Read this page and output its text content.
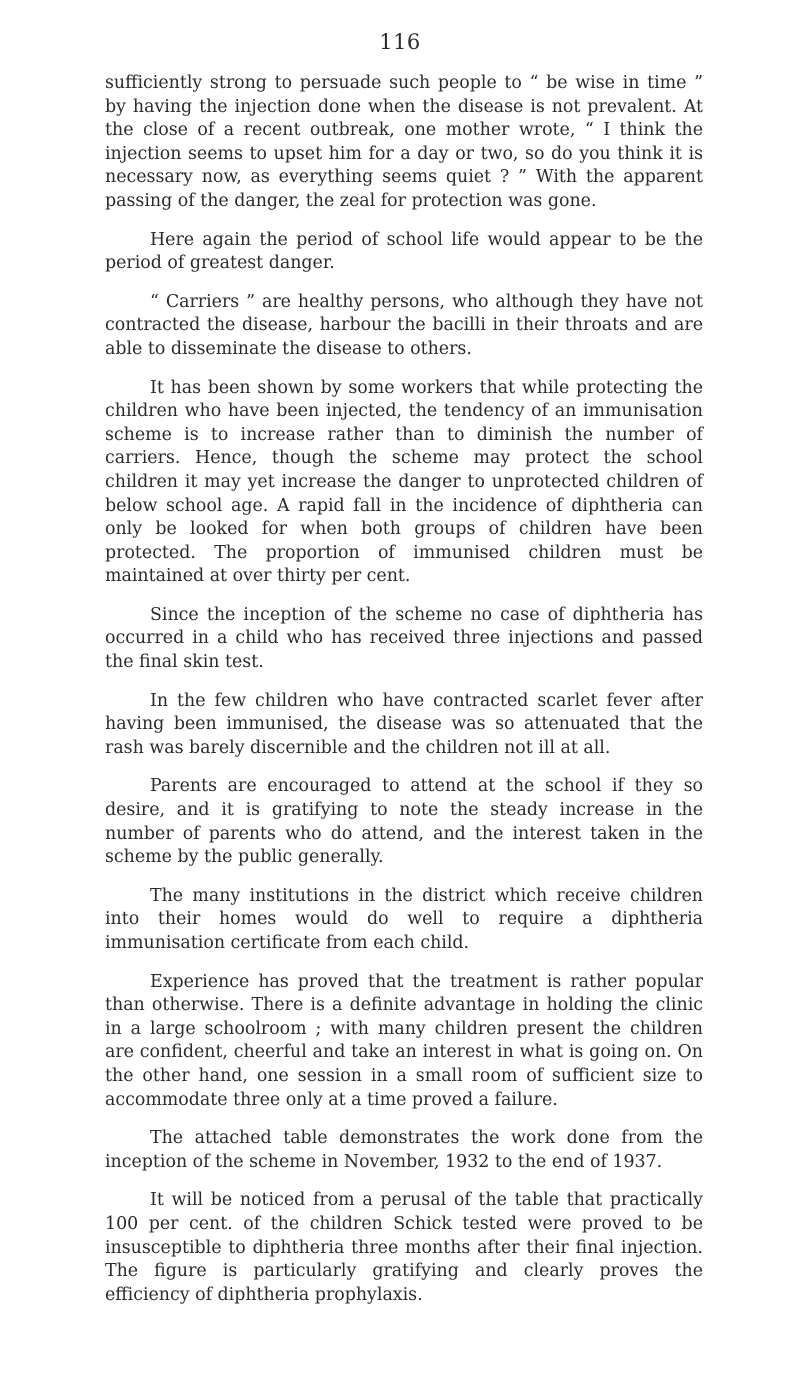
116

sufficiently strong to persuade such people to “ be wise in time ” by having the injection done when the disease is not prevalent. At the close of a recent outbreak, one mother wrote, “ I think the injection seems to upset him for a day or two, so do you think it is necessary now, as everything seems quiet ? ” With the apparent passing of the danger, the zeal for protection was gone.

Here again the period of school life would appear to be the period of greatest danger.

“ Carriers ” are healthy persons, who although they have not contracted the disease, harbour the bacilli in their throats and are able to disseminate the disease to others.

It has been shown by some workers that while protecting the children who have been injected, the tendency of an immunisation scheme is to increase rather than to diminish the number of carriers. Hence, though the scheme may protect the school children it may yet increase the danger to unprotected children of below school age. A rapid fall in the incidence of diphtheria can only be looked for when both groups of children have been protected. The proportion of immunised children must be maintained at over thirty per cent.

Since the inception of the scheme no case of diphtheria has occurred in a child who has received three injections and passed the final skin test.

In the few children who have contracted scarlet fever after having been immunised, the disease was so attenuated that the rash was barely discernible and the children not ill at all.

Parents are encouraged to attend at the school if they so desire, and it is gratifying to note the steady increase in the number of parents who do attend, and the interest taken in the scheme by the public generally.

The many institutions in the district which receive children into their homes would do well to require a diphtheria immunisation certificate from each child.

Experience has proved that the treatment is rather popular than otherwise. There is a definite advantage in holding the clinic in a large schoolroom ; with many children present the children are confident, cheerful and take an interest in what is going on. On the other hand, one session in a small room of sufficient size to accommodate three only at a time proved a failure.

The attached table demonstrates the work done from the inception of the scheme in November, 1932 to the end of 1937.

It will be noticed from a perusal of the table that practically 100 per cent. of the children Schick tested were proved to be insusceptible to diphtheria three months after their final injection. The figure is particularly gratifying and clearly proves the efficiency of diphtheria prophylaxis.
